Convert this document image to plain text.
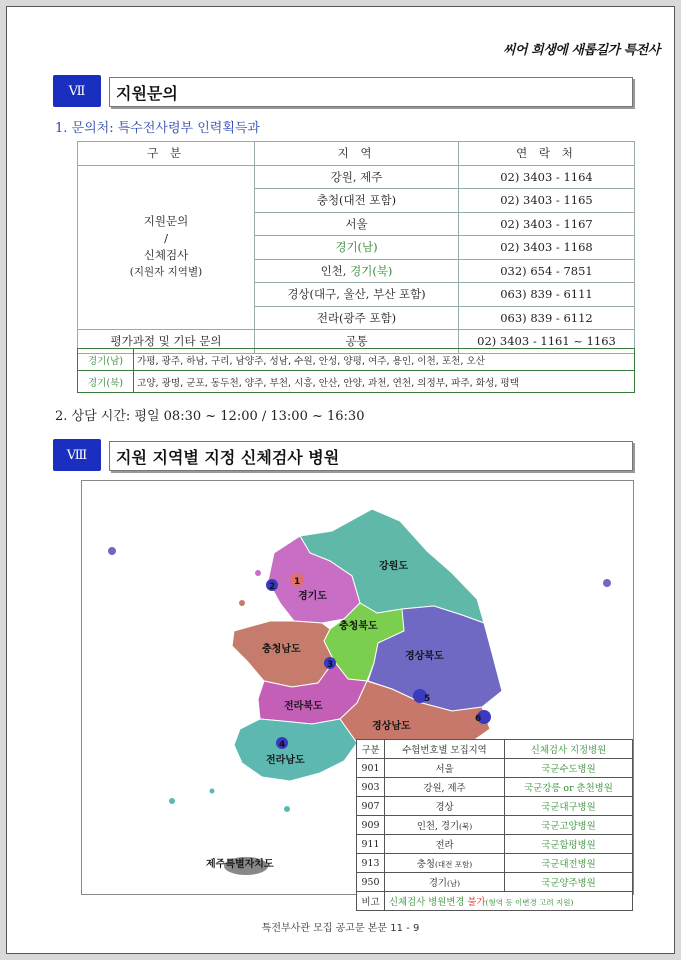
씨어 희생에 새롭길가 특전사
Ⅶ	지원문의
1. 문의처: 특수전사령부 인력획득과
구 분	지 역	연 락 처

지원문의
/
신체검사
(지원자 지역별)	강원, 제주	02) 3403 - 1164
	충청(대전 포함)	02) 3403 - 1165
	서울	02) 3403 - 1167
	경기(남)	02) 3403 - 1168
	인천, 경기(북)	032) 654 - 7851
	경상(대구, 울산, 부산 포함)	063) 839 - 6111
	전라(광주 포함)	063) 839 - 6112
평가과정 및 기타 문의	공통	02) 3403 - 1161 ~ 1163
경기(남)	가평, 광주, 하남, 구리, 남양주, 성남, 수원, 안성, 양평, 여주, 용인, 이천, 포천, 오산
경기(북)	고양, 광명, 군포, 동두천, 양주, 부천, 시흥, 안산, 안양, 과천, 연천, 의정부, 파주, 화성, 평택
2. 상담 시간: 평일 08:30 ~ 12:00 / 13:00 ~ 16:30
Ⅷ	지원 지역별 지정 신체검사 병원
1
2
3
4
5
6
강원도
경기도
충청북도
충청남도
경상북도
전라북도
경상남도
전라남도
제주특별자치도
구분	수험번호별 모집지역	신체검사 지정병원
901	서울	국군수도병원
903	강원, 제주	국군강릉 or 춘천병원
907	경상	국군대구병원
909	인천, 경기(북)	국군고양병원
911	전라	국군함평병원
913	충청(대전 포함)	국군대전병원
950	경기(남)	국군양주병원
비고	신체검사 병원변경 불가(형역 등 이변경 고려 지원)	
특전부사관 모집 공고문 본문 11 - 9
